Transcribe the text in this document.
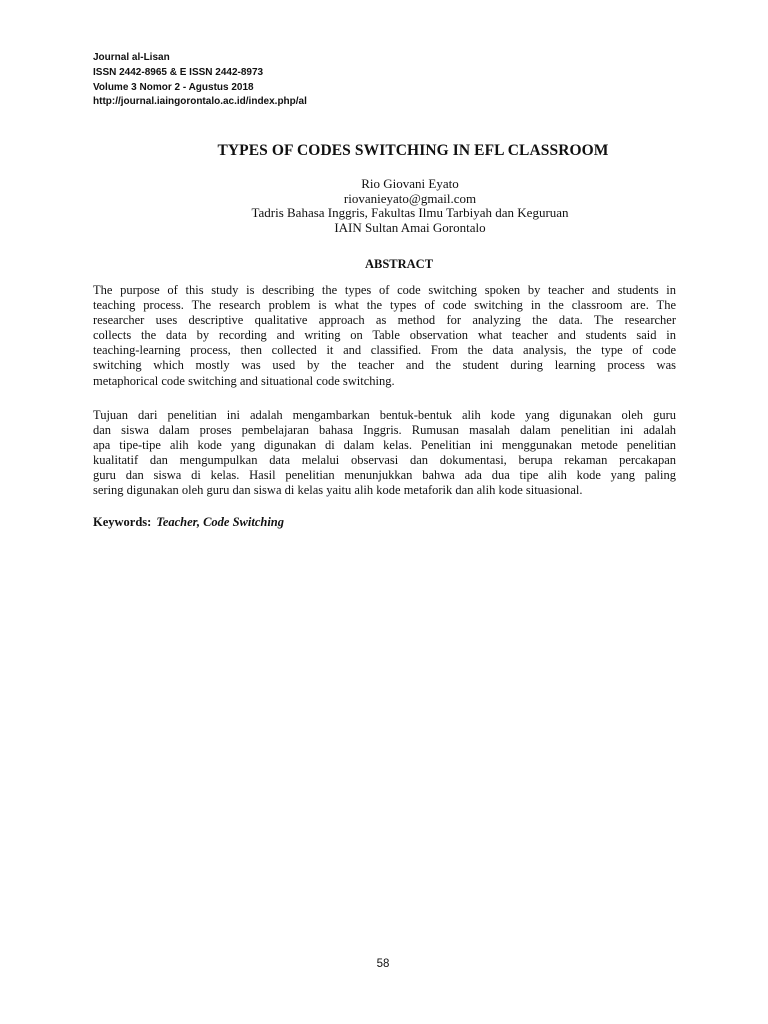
Journal al-Lisan
ISSN 2442-8965 & E ISSN 2442-8973
Volume 3 Nomor 2 - Agustus 2018
http://journal.iaingorontalo.ac.id/index.php/al
TYPES OF CODES SWITCHING IN EFL CLASSROOM
Rio Giovani Eyato
riovanieyato@gmail.com
Tadris Bahasa Inggris, Fakultas Ilmu Tarbiyah dan Keguruan
IAIN Sultan Amai Gorontalo
ABSTRACT
The purpose of this study is describing the types of code switching spoken by teacher and students in
teaching process. The research problem is what the types of code switching in the classroom are. The
researcher uses descriptive qualitative approach as method for analyzing the data. The researcher
collects the data by recording and writing on Table observation what teacher and students said in
teaching-learning process, then collected it and classified. From the data analysis, the type of code
switching which mostly was used by the teacher and the student during learning process was
metaphorical code switching and situational code switching.
Tujuan dari penelitian ini adalah mengambarkan bentuk-bentuk alih kode yang digunakan oleh guru
dan siswa dalam proses pembelajaran bahasa Inggris. Rumusan masalah dalam penelitian ini adalah
apa tipe-tipe alih kode yang digunakan di dalam kelas. Penelitian ini menggunakan metode penelitian
kualitatif dan mengumpulkan data melalui observasi dan dokumentasi, berupa rekaman percakapan
guru dan siswa di kelas. Hasil penelitian menunjukkan bahwa ada dua tipe alih kode yang paling
sering digunakan oleh guru dan siswa di kelas yaitu alih kode metaforik dan alih kode situasional.
Keywords: Teacher, Code Switching
58
